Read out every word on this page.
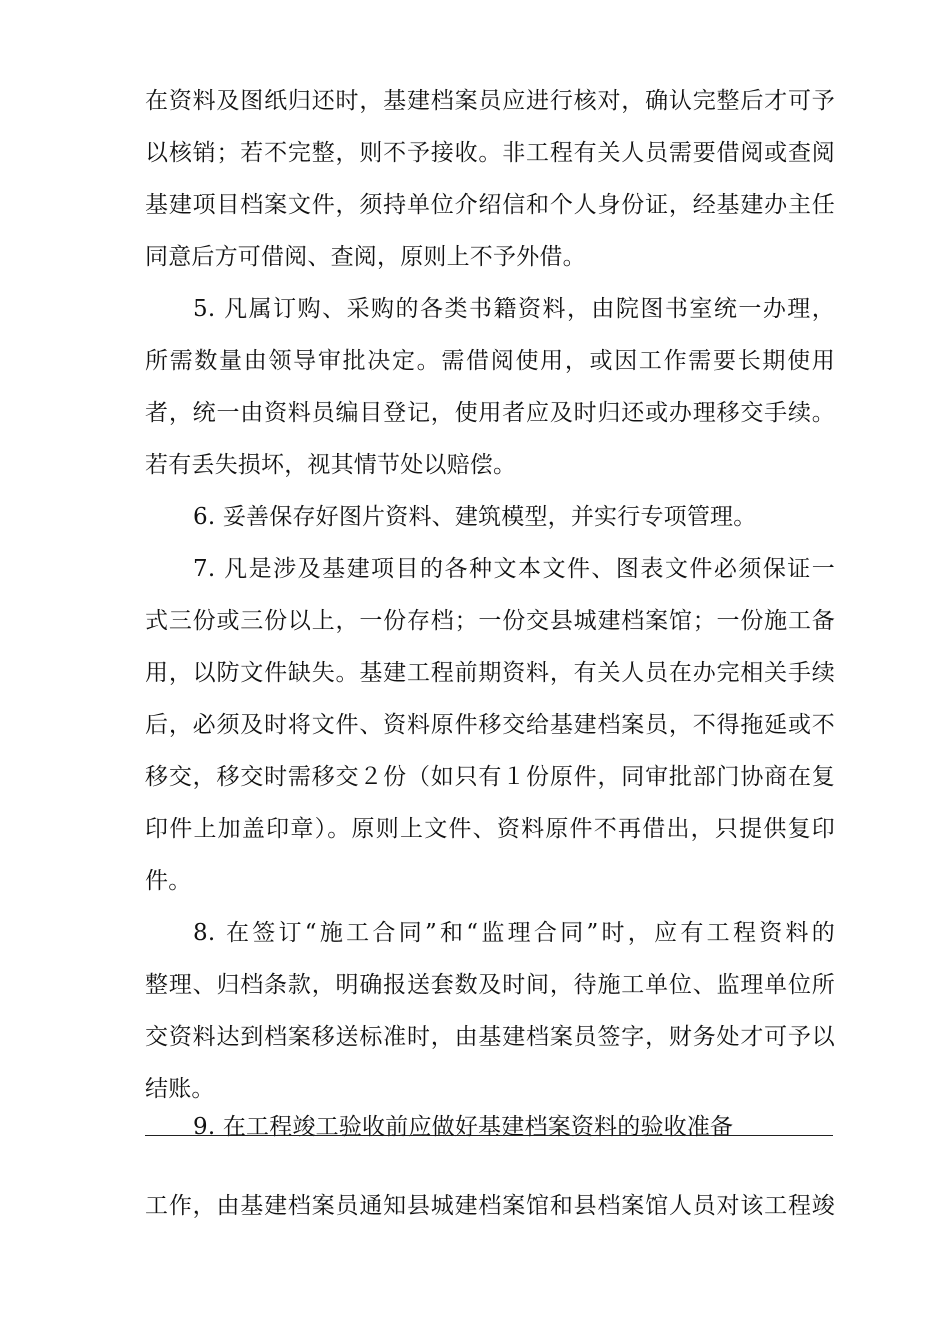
在资料及图纸归还时，基建档案员应进行核对，确认完整后才可予
以核销；若不完整，则不予接收。非工程有关人员需要借阅或查阅
基建项目档案文件，须持单位介绍信和个人身份证，经基建办主任
同意后方可借阅、查阅，原则上不予外借。
5. 凡属订购、采购的各类书籍资料，由院图书室统一办理，
所需数量由领导审批决定。需借阅使用，或因工作需要长期使用
者，统一由资料员编目登记，使用者应及时归还或办理移交手续。
若有丢失损坏，视其情节处以赔偿。
6. 妥善保存好图片资料、建筑模型，并实行专项管理。
7. 凡是涉及基建项目的各种文本文件、图表文件必须保证一
式三份或三份以上，一份存档；一份交县城建档案馆；一份施工备
用，以防文件缺失。基建工程前期资料，有关人员在办完相关手续
后，必须及时将文件、资料原件移交给基建档案员，不得拖延或不
移交，移交时需移交２份（如只有１份原件，同审批部门协商在复
印件上加盖印章）。原则上文件、资料原件不再借出，只提供复印
件。
8. 在签订“施工合同”和“监理合同”时，应有工程资料的
整理、归档条款，明确报送套数及时间，待施工单位、监理单位所
交资料达到档案移送标准时，由基建档案员签字，财务处才可予以
结账。
9. 在工程竣工验收前应做好基建档案资料的验收准备
工作，由基建档案员通知县城建档案馆和县档案馆人员对该工程竣
